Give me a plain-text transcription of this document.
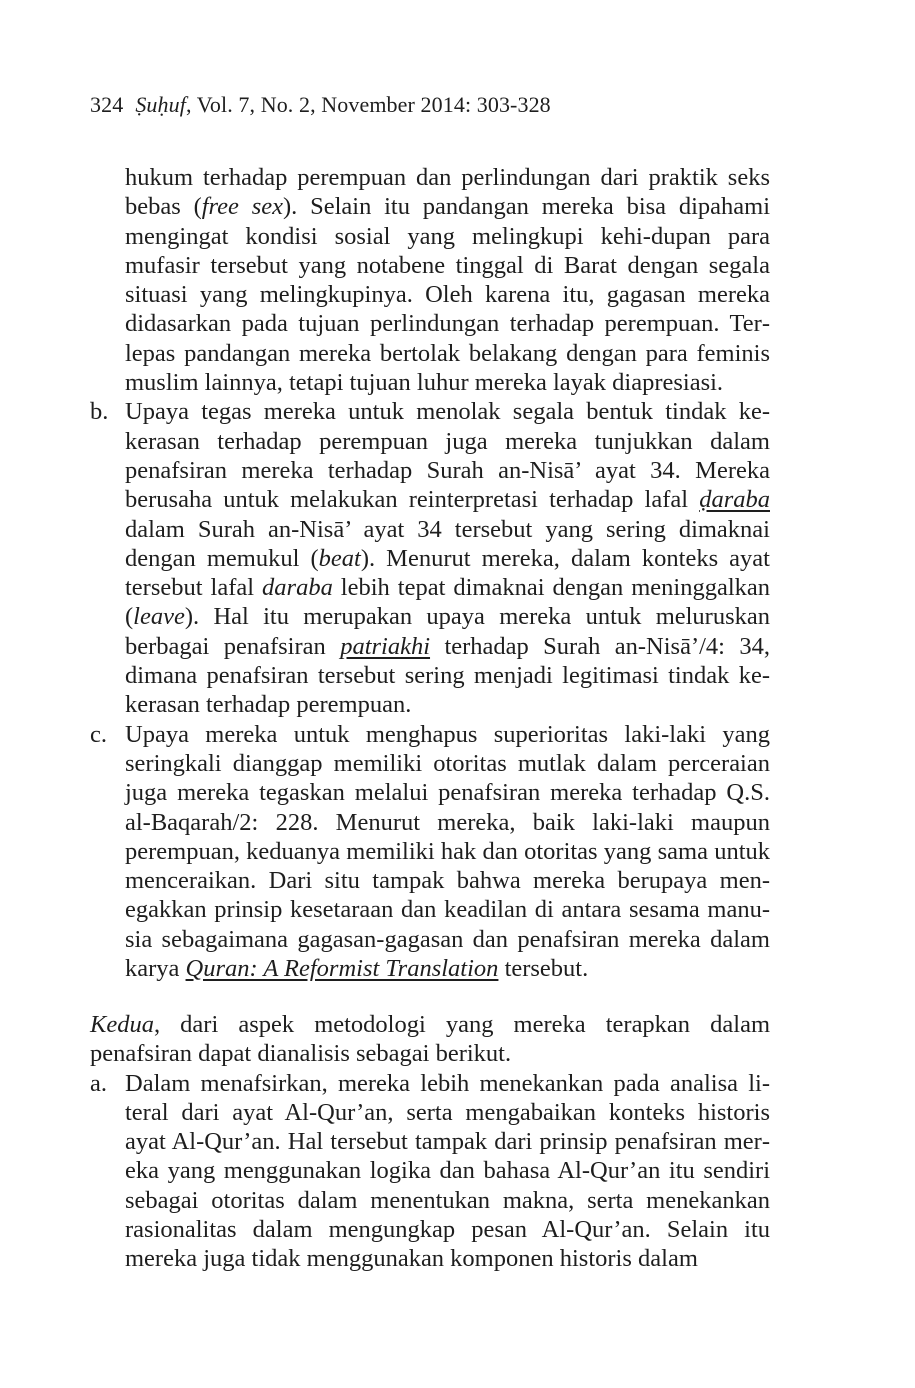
324 Ṣuḥuf, Vol. 7, No. 2, November 2014: 303-328

hukum terhadap perempuan dan perlindungan dari praktik seks bebas (free sex). Selain itu pandangan mereka bisa dipahami mengingat kondisi sosial yang melingkupi kehi-dupan para mufasir tersebut yang notabene tinggal di Barat dengan segala situasi yang melingkupinya. Oleh karena itu, gagasan mereka didasarkan pada tujuan perlindungan terhadap perempuan. Terlepas pandangan mereka bertolak belakang dengan para feminis muslim lainnya, tetapi tujuan luhur mereka layak diapresiasi.

b. Upaya tegas mereka untuk menolak segala bentuk tindak kekerasan terhadap perempuan juga mereka tunjukkan dalam penafsiran mereka terhadap Surah an-Nisā’ ayat 34. Mereka berusaha untuk melakukan reinterpretasi terhadap lafal ḍaraba dalam Surah an-Nisā’ ayat 34 tersebut yang sering dimaknai dengan memukul (beat). Menurut mereka, dalam konteks ayat tersebut lafal daraba lebih tepat dimaknai dengan meninggalkan (leave). Hal itu merupakan upaya mereka untuk meluruskan berbagai penafsiran patriakhi terhadap Surah an-Nisā’/4: 34, dimana penafsiran tersebut sering menjadi legitimasi tindak kekerasan terhadap perempuan.
c. Upaya mereka untuk menghapus superioritas laki-laki yang seringkali dianggap memiliki otoritas mutlak dalam perceraian juga mereka tegaskan melalui penafsiran mereka terhadap Q.S. al-Baqarah/2: 228. Menurut mereka, baik laki-laki maupun perempuan, keduanya memiliki hak dan otoritas yang sama untuk menceraikan. Dari situ tampak bahwa mereka berupaya menegakkan prinsip kesetaraan dan keadilan di antara sesama manusia sebagaimana gagasan-gagasan dan penafsiran mereka dalam karya Quran: A Reformist Translation tersebut.

Kedua, dari aspek metodologi yang mereka terapkan dalam penafsiran dapat dianalisis sebagai berikut.

a. Dalam menafsirkan, mereka lebih menekankan pada analisa literal dari ayat Al-Qur’an, serta mengabaikan konteks historis ayat Al-Qur’an. Hal tersebut tampak dari prinsip penafsiran mereka yang menggunakan logika dan bahasa Al-Qur’an itu sendiri sebagai otoritas dalam menentukan makna, serta menekankan rasionalitas dalam mengungkap pesan Al-Qur’an. Selain itu mereka juga tidak menggunakan komponen historis dalam
